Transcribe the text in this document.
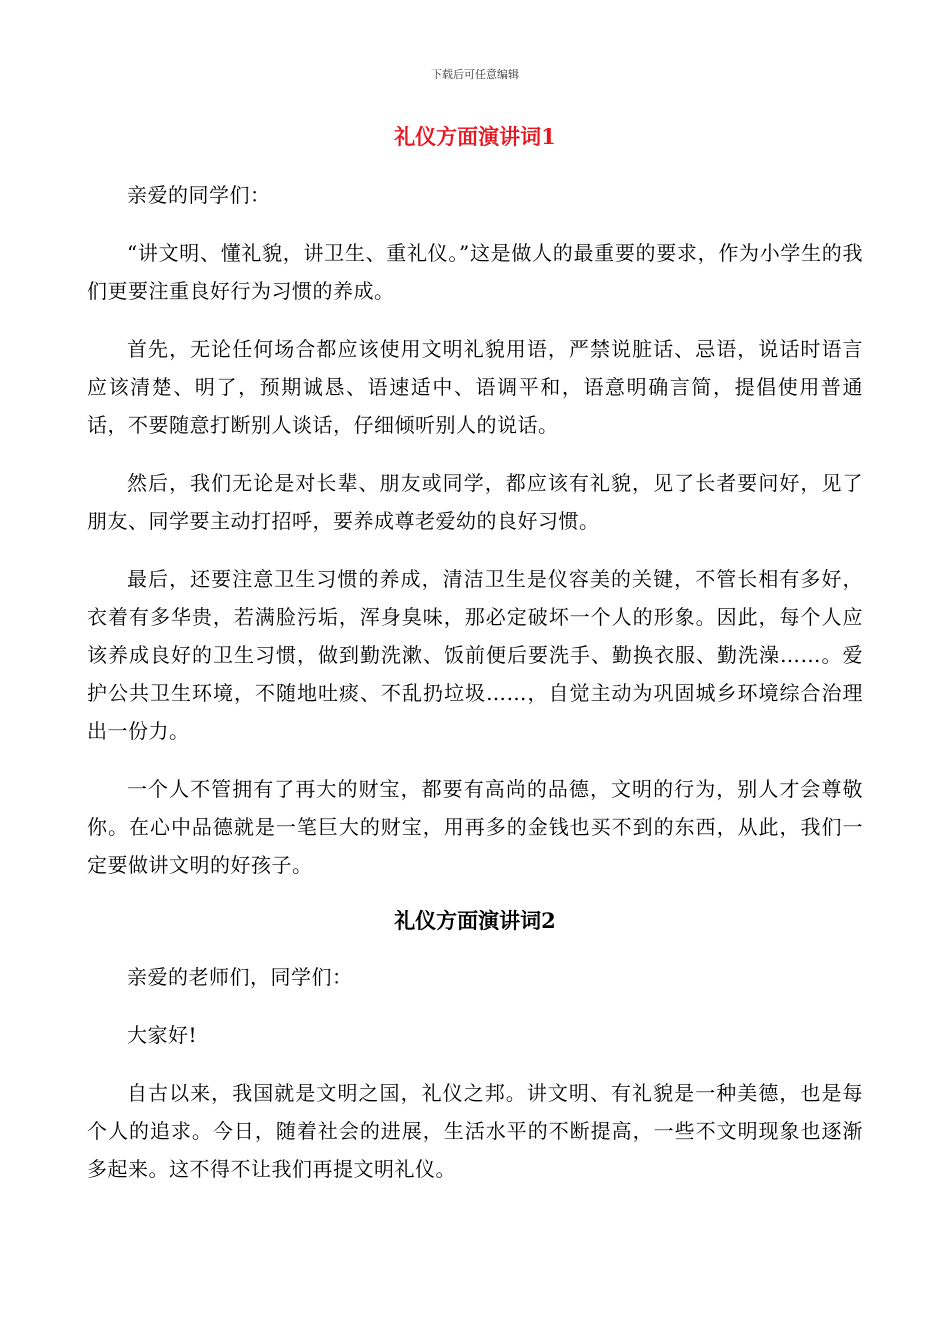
下载后可任意编辑
礼仪方面演讲词1

亲爱的同学们：

“讲文明、懂礼貌，讲卫生、重礼仪。”这是做人的最重要的要求，作为小学生的我们更要注重良好行为习惯的养成。

首先，无论任何场合都应该使用文明礼貌用语，严禁说脏话、忌语，说话时语言应该清楚、明了，预期诚恳、语速适中、语调平和，语意明确言简，提倡使用普通话，不要随意打断别人谈话，仔细倾听别人的说话。

然后，我们无论是对长辈、朋友或同学，都应该有礼貌，见了长者要问好，见了朋友、同学要主动打招呼，要养成尊老爱幼的良好习惯。

最后，还要注意卫生习惯的养成，清洁卫生是仪容美的关键，不管长相有多好，衣着有多华贵，若满脸污垢，浑身臭味，那必定破坏一个人的形象。因此，每个人应该养成良好的卫生习惯，做到勤洗漱、饭前便后要洗手、勤换衣服、勤洗澡……。爱护公共卫生环境，不随地吐痰、不乱扔垃圾……，自觉主动为巩固城乡环境综合治理出一份力。

一个人不管拥有了再大的财宝，都要有高尚的品德，文明的行为，别人才会尊敬你。在心中品德就是一笔巨大的财宝，用再多的金钱也买不到的东西，从此，我们一定要做讲文明的好孩子。

礼仪方面演讲词2

亲爱的老师们，同学们：

大家好!

自古以来，我国就是文明之国，礼仪之邦。讲文明、有礼貌是一种美德，也是每个人的追求。今日，随着社会的进展，生活水平的不断提高，一些不文明现象也逐渐多起来。这不得不让我们再提文明礼仪。
